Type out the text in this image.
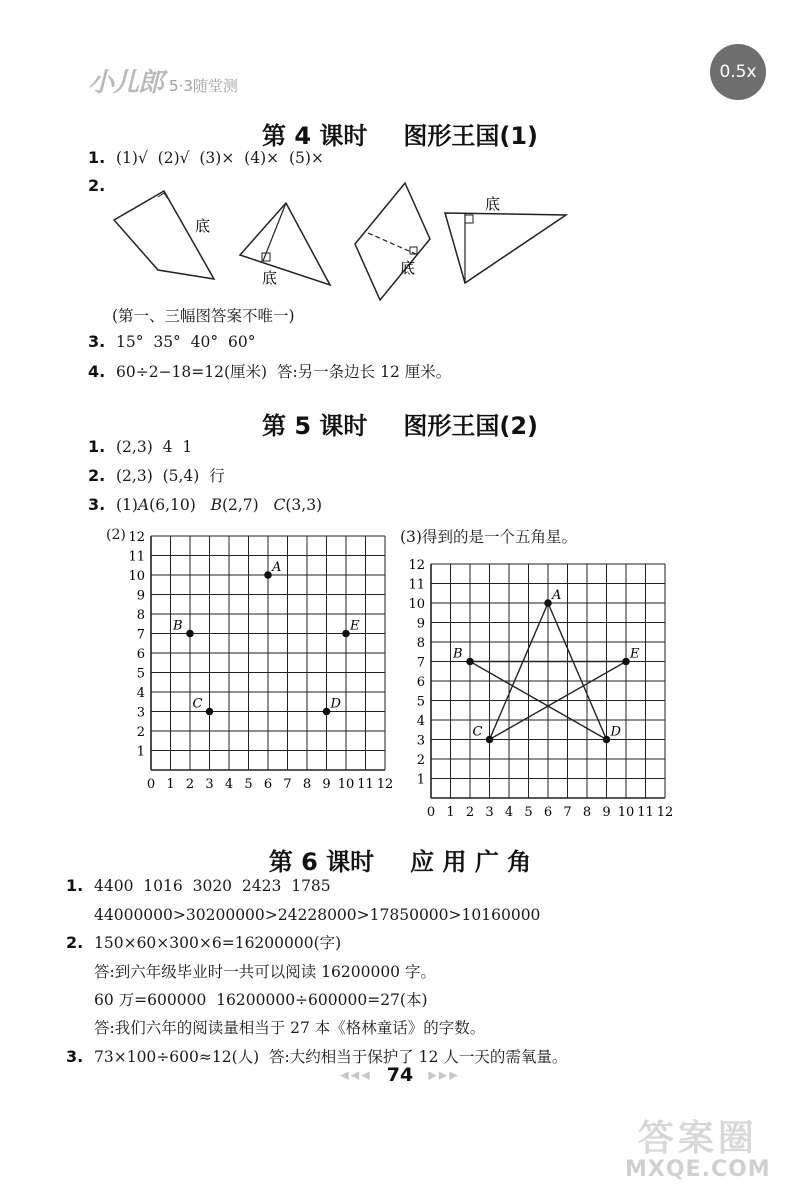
小儿郎 5·3随堂测
0.5x
第 4 课时 图形王国(1)
1. (1)√  (2)√  (3)×  (4)×  (5)×
2.
底
底
底
底
(第一、三幅图答案不唯一)
3. 15°  35°  40°  60°
4. 60÷2−18=12(厘米)  答:另一条边长 12 厘米。
第 5 课时 图形王国(2)
1. (2,3)  4  1
2. (2,3)  (5,4)  行
3. (1)A(6,10) B(2,7) C(3,3)
(2)
0 1
1
2
2
3
3
4
4
5
5
6
6
7
7
8
8
9
9
10
10
11
11
12
12
A
B
C	D
E
(3)得到的是一个五角星。
0 1
1
2
2
3
3
4
4
5
5
6
6
7
7
8
8
9
9
10
10
11
11
12
12
A
B
C	D
E
第 6 课时 应 用 广 角
1. 4400  1016  3020  2423  1785
44000000>30200000>24228000>17850000>10160000
2. 150×60×300×6=16200000(字)
答:到六年级毕业时一共可以阅读 16200000 字。
60 万=600000  16200000÷600000=27(本)
答:我们六年的阅读量相当于 27 本《格林童话》的字数。
3. 73×100÷600≈12(人)  答:大约相当于保护了 12 人一天的需氧量。
◀◀◀ 74 ▶▶▶
答案圈
MXQE.COM
